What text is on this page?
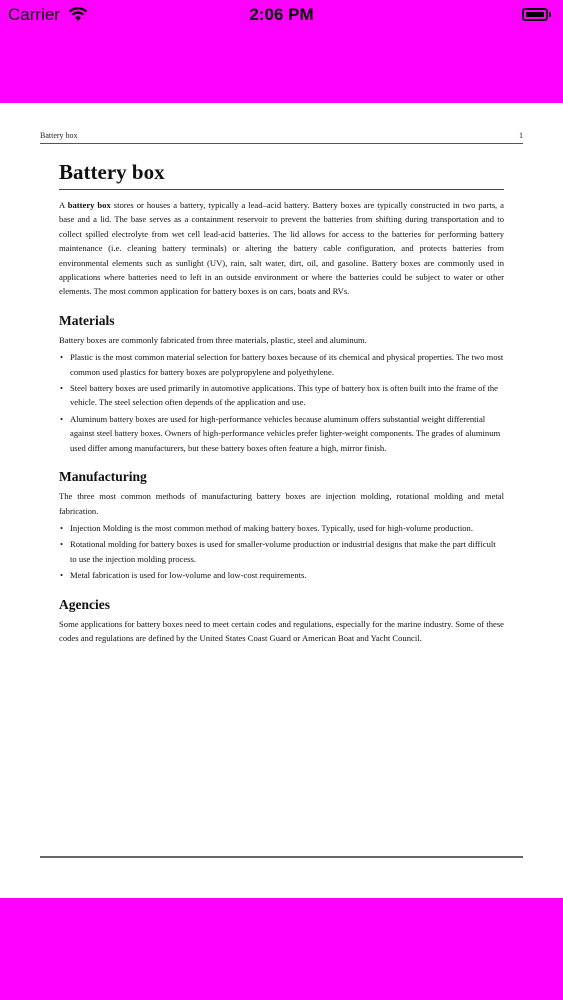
Carrier	2:06 PM
Battery box	1
Battery box

A battery box stores or houses a battery, typically a lead–acid battery. Battery boxes are typically constructed in two parts, a base and a lid. The base serves as a containment reservoir to prevent the batteries from shifting during transportation and to collect spilled electrolyte from wet cell lead-acid batteries. The lid allows for access to the batteries for performing battery maintenance (i.e. cleaning battery terminals) or altering the battery cable configuration, and protects batteries from environmental elements such as sunlight (UV), rain, salt water, dirt, oil, and gasoline. Battery boxes are commonly used in applications where batteries need to left in an outside environment or where the batteries could be subject to water or other elements. The most common application for battery boxes is on cars, boats and RVs.

Materials

Battery boxes are commonly fabricated from three materials, plastic, steel and aluminum.

• Plastic is the most common material selection for battery boxes because of its chemical and physical properties. The two most common used plastics for battery boxes are polypropylene and polyethylene.
• Steel battery boxes are used primarily in automotive applications. This type of battery box is often built into the frame of the vehicle. The steel selection often depends of the application and use.
• Aluminum battery boxes are used for high-performance vehicles because aluminum offers substantial weight differential against steel battery boxes. Owners of high-performance vehicles prefer lighter-weight components. The grades of aluminum used differ among manufacturers, but these battery boxes often feature a high, mirror finish.
Manufacturing

The three most common methods of manufacturing battery boxes are injection molding, rotational molding and metal fabrication.

• Injection Molding is the most common method of making battery boxes. Typically, used for high-volume production.
• Rotational molding for battery boxes is used for smaller-volume production or industrial designs that make the part difficult to use the injection molding process.
• Metal fabrication is used for low-volume and low-cost requirements.
Agencies

Some applications for battery boxes need to meet certain codes and regulations, especially for the marine industry. Some of these codes and regulations are defined by the United States Coast Guard or American Boat and Yacht Council.
